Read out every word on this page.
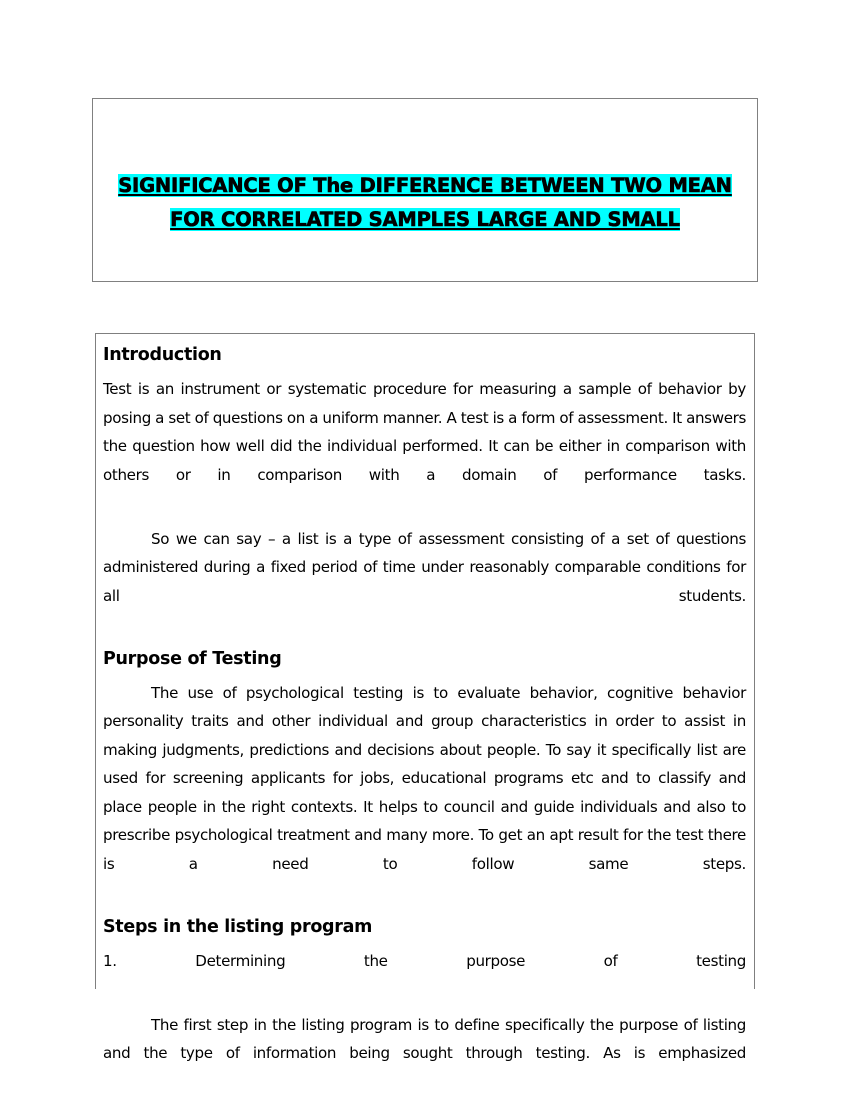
SIGNIFICANCE OF The DIFFERENCE BETWEEN TWO MEAN
FOR CORRELATED SAMPLES LARGE AND SMALL
Introduction

Test is an instrument or systematic procedure for measuring a sample of behavior by posing a set of questions on a uniform manner. A test is a form of assessment. It answers the question how well did the individual performed. It can be either in comparison with others or in comparison with a domain of performance tasks.

So we can say – a list is a type of assessment consisting of a set of questions administered during a fixed period of time under reasonably comparable conditions for all students.

Purpose of Testing

The use of psychological testing is to evaluate behavior, cognitive behavior personality traits and other individual and group characteristics in order to assist in making judgments, predictions and decisions about people. To say it specifically list are used for screening applicants for jobs, educational programs etc and to classify and place people in the right contexts. It helps to council and guide individuals and also to prescribe psychological treatment and many more. To get an apt result for the test there is a need to follow same steps.

Steps in the listing program

1. Determining the purpose of testing

The first step in the listing program is to define specifically the purpose of listing and the type of information being sought through testing. As is emphasized
